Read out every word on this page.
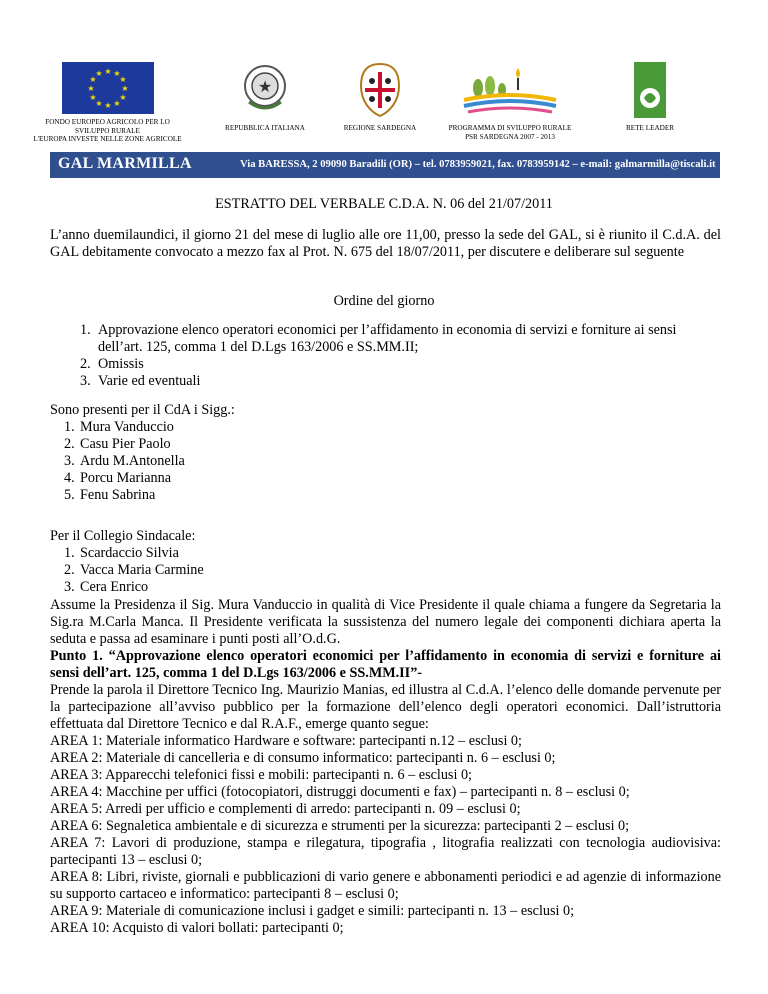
★ ★
★
★
★
★
★
★
★
★
★
★
FONDO EUROPEO AGRICOLO PER LO
SVILUPPO RURALE
L'EUROPA INVESTE NELLE ZONE AGRICOLE
★
REPUBBLICA ITALIANA	REGIONE SARDEGNA	PROGRAMMA DI SVILUPPO RURALE
PSR SARDEGNA 2007 - 2013
RETE LEADER
GAL MARMILLA	Via BARESSA, 2 09090 Baradili (OR) – tel. 0783959021, fax. 0783959142 – e-mail: galmarmilla@tiscali.it
ESTRATTO DEL VERBALE C.D.A. N. 06 del 21/07/2011
L’anno duemilaundici, il giorno 21 del mese di luglio alle ore 11,00, presso la sede del GAL, si è riunito il C.d.A. del GAL debitamente convocato a mezzo fax al Prot. N. 675 del 18/07/2011, per discutere e deliberare sul seguente
Ordine del giorno
1. Approvazione elenco operatori economici per l’affidamento in economia di servizi e forniture ai sensi dell’art. 125, comma 1 del D.Lgs 163/2006 e SS.MM.II;
2. Omissis
3. Varie ed eventuali
Sono presenti per il CdA i Sigg.:
1. Mura Vanduccio
2. Casu Pier Paolo
3. Ardu M.Antonella
4. Porcu Marianna
5. Fenu Sabrina
Per il Collegio Sindacale:
1. Scardaccio Silvia
2. Vacca Maria Carmine
3. Cera Enrico
Assume la Presidenza il Sig. Mura Vanduccio in qualità di Vice Presidente il quale chiama a fungere da Segretaria la Sig.ra M.Carla Manca. Il Presidente verificata la sussistenza del numero legale dei componenti dichiara aperta la seduta e passa ad esaminare i punti posti all’O.d.G.
Punto 1. “Approvazione elenco operatori economici per l’affidamento in economia di servizi e forniture ai sensi dell’art. 125, comma 1 del D.Lgs 163/2006 e SS.MM.II”-
Prende la parola il Direttore Tecnico Ing. Maurizio Manias, ed illustra al C.d.A. l’elenco delle domande pervenute per la partecipazione all’avviso pubblico per la formazione dell’elenco degli operatori economici. Dall’istruttoria effettuata dal Direttore Tecnico e dal R.A.F., emerge quanto segue:
AREA 1: Materiale informatico Hardware e software: partecipanti n.12 – esclusi 0;
AREA 2: Materiale di cancelleria e di consumo informatico: partecipanti n. 6 – esclusi 0;
AREA 3: Apparecchi telefonici fissi e mobili: partecipanti n. 6 – esclusi 0;
AREA 4: Macchine per uffici (fotocopiatori, distruggi documenti e fax) – partecipanti n. 8 – esclusi 0;
AREA 5: Arredi per ufficio e complementi di arredo: partecipanti n. 09 – esclusi 0;
AREA 6: Segnaletica ambientale e di sicurezza e strumenti per la sicurezza: partecipanti 2 – esclusi 0;
AREA 7: Lavori di produzione, stampa e rilegatura, tipografia , litografia realizzati con tecnologia audiovisiva: partecipanti 13 – esclusi 0;
AREA 8: Libri, riviste, giornali e pubblicazioni di vario genere e abbonamenti periodici e ad agenzie di informazione su supporto cartaceo e informatico: partecipanti 8 – esclusi 0;
AREA 9: Materiale di comunicazione inclusi i gadget e simili: partecipanti n. 13 – esclusi 0;
AREA 10: Acquisto di valori bollati: partecipanti 0;
